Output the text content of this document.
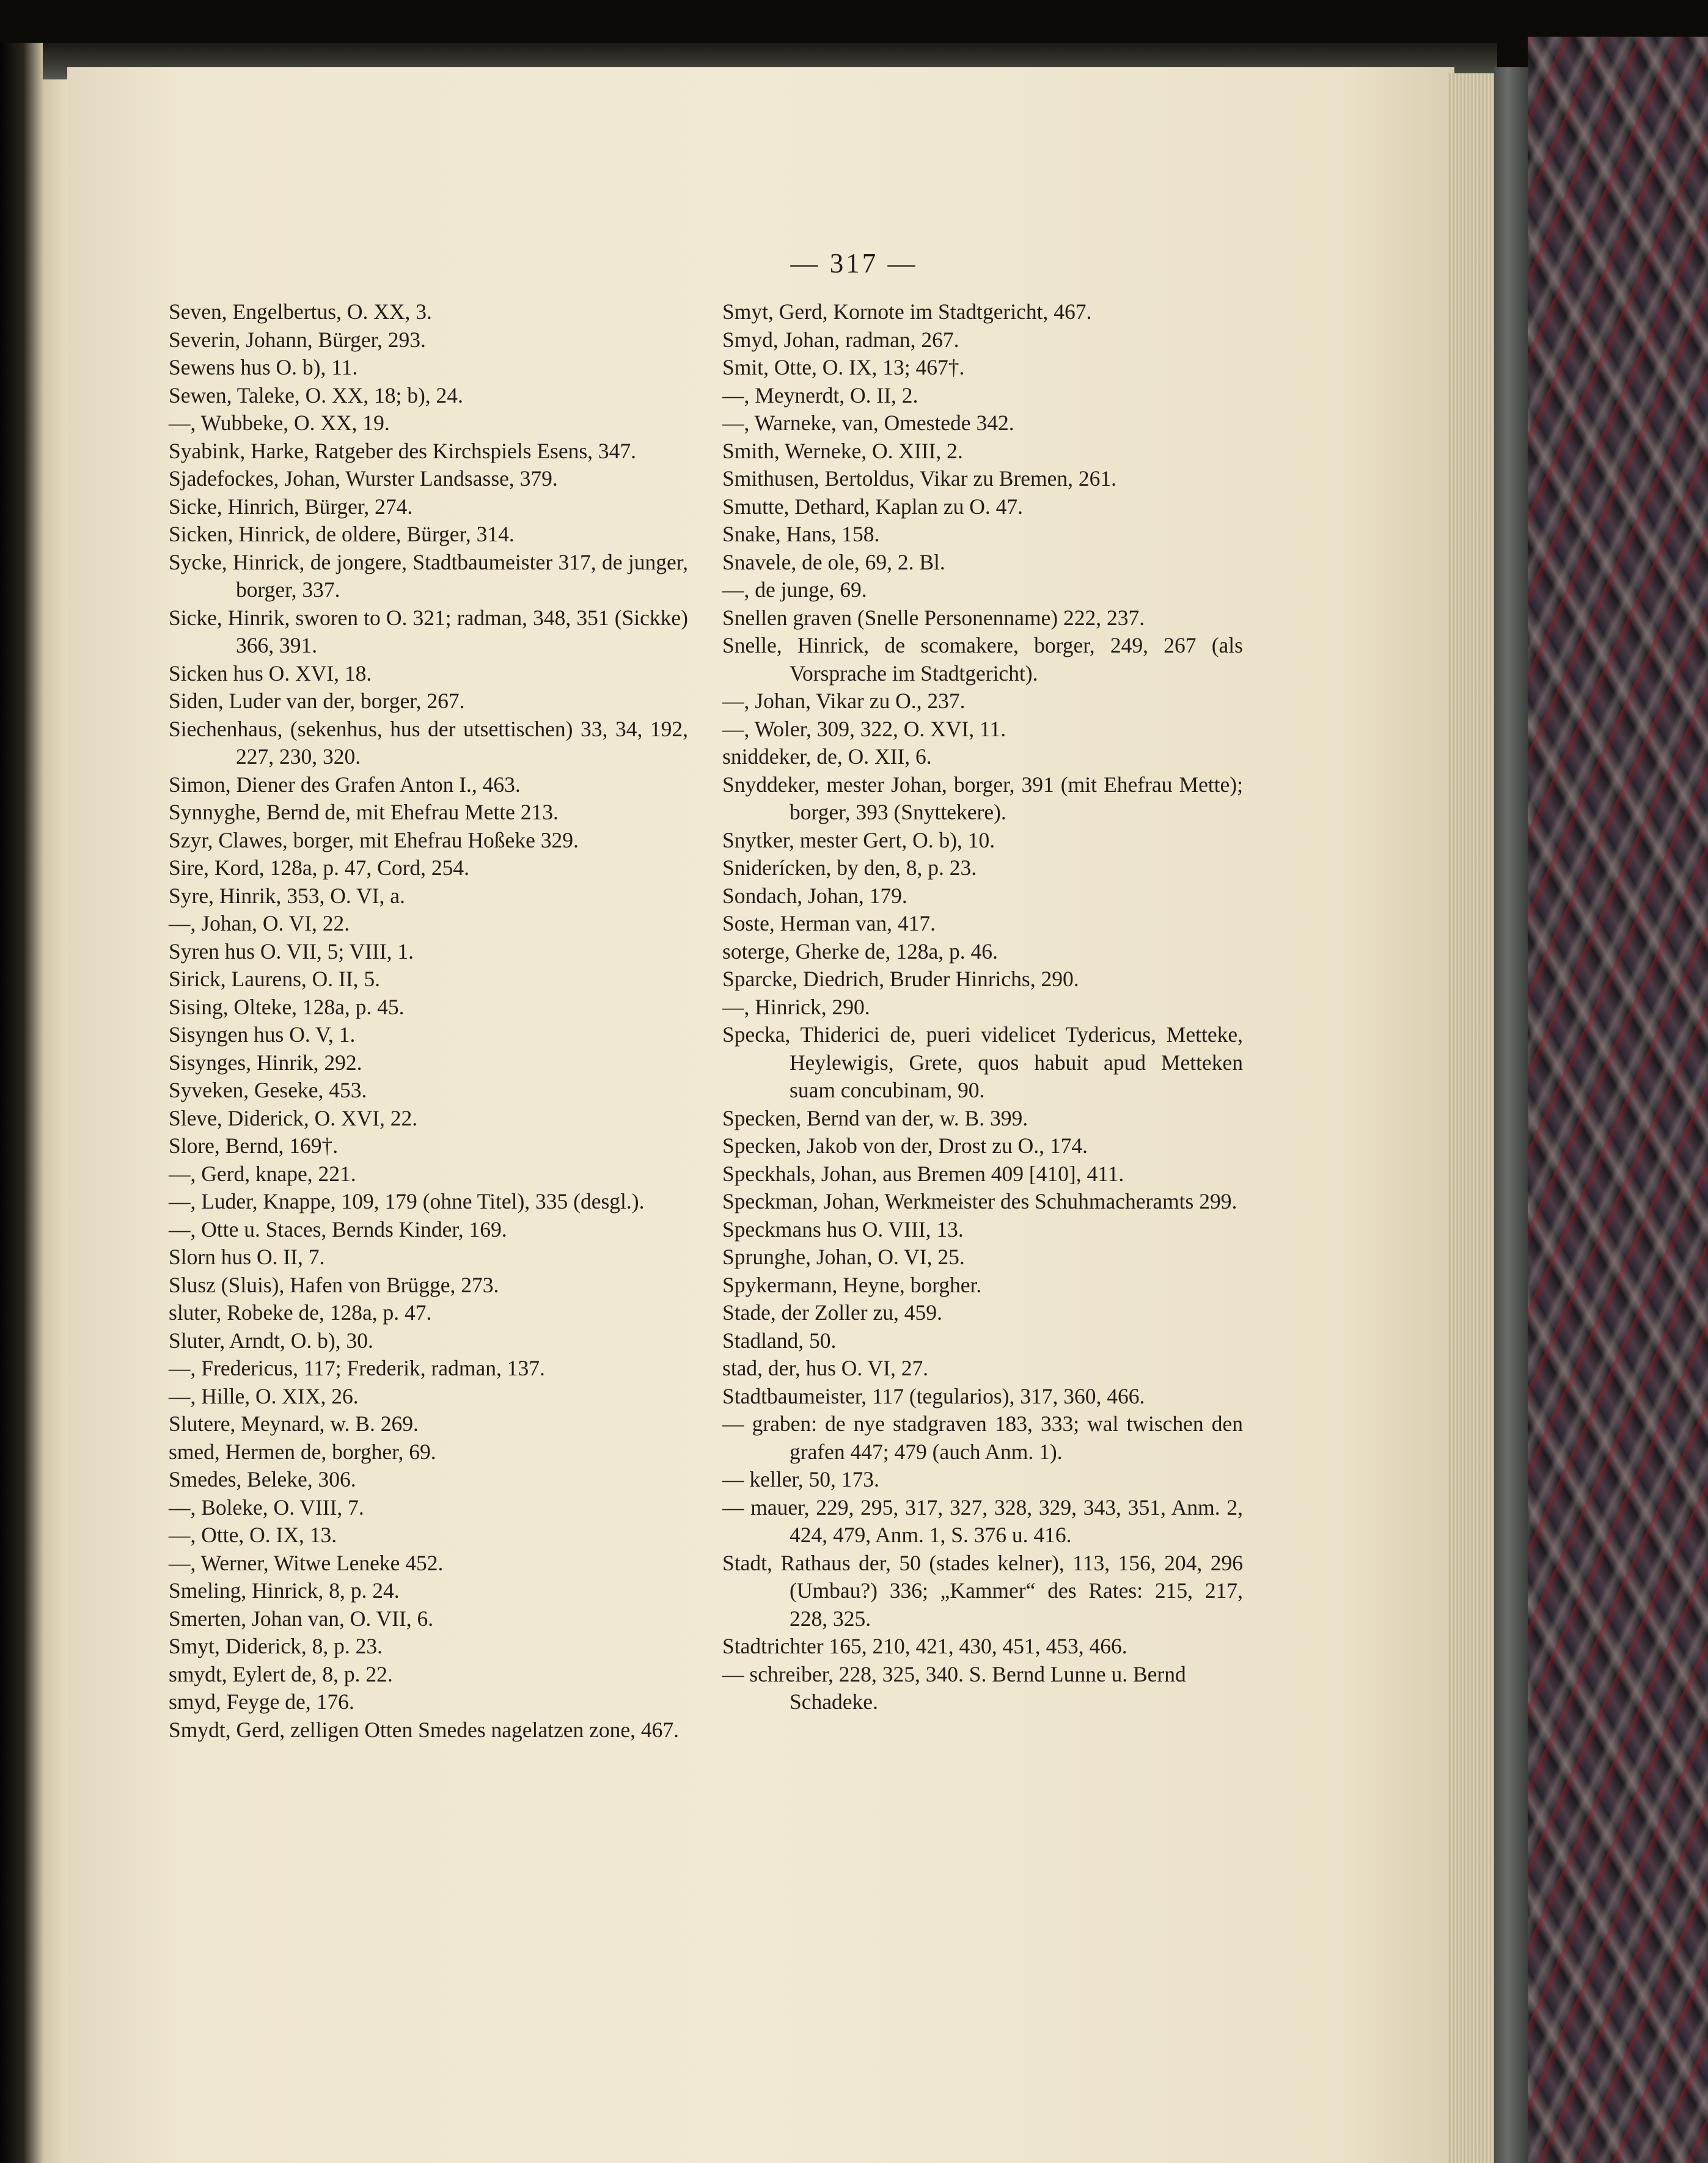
— 317 —
Seven, Engelbertus, O. XX, 3.
Severin, Johann, Bürger, 293.
Sewens hus O. b), 11.
Sewen, Taleke, O. XX, 18; b), 24.
—, Wubbeke, O. XX, 19.
Syabink, Harke, Ratgeber des Kirchspiels Esens, 347.
Sjadefockes, Johan, Wurster Landsasse, 379.
Sicke, Hinrich, Bürger, 274.
Sicken, Hinrick, de oldere, Bürger, 314.
Sycke, Hinrick, de jongere, Stadtbaumeister 317, de junger, borger, 337.
Sicke, Hinrik, sworen to O. 321; radman, 348, 351 (Sickke) 366, 391.
Sicken hus O. XVI, 18.
Siden, Luder van der, borger, 267.
Siechenhaus, (sekenhus, hus der utsettischen) 33, 34, 192, 227, 230, 320.
Simon, Diener des Grafen Anton I., 463.
Synnyghe, Bernd de, mit Ehefrau Mette 213.
Szyr, Clawes, borger, mit Ehefrau Hoßeke 329.
Sire, Kord, 128a, p. 47, Cord, 254.
Syre, Hinrik, 353, O. VI, a.
—, Johan, O. VI, 22.
Syren hus O. VII, 5; VIII, 1.
Sirick, Laurens, O. II, 5.
Sising, Olteke, 128a, p. 45.
Sisyngen hus O. V, 1.
Sisynges, Hinrik, 292.
Syveken, Geseke, 453.
Sleve, Diderick, O. XVI, 22.
Slore, Bernd, 169†.
—, Gerd, knape, 221.
—, Luder, Knappe, 109, 179 (ohne Titel), 335 (desgl.).
—, Otte u. Staces, Bernds Kinder, 169.
Slorn hus O. II, 7.
Slusz (Sluis), Hafen von Brügge, 273.
sluter, Robeke de, 128a, p. 47.
Sluter, Arndt, O. b), 30.
—, Fredericus, 117; Frederik, radman, 137.
—, Hille, O. XIX, 26.
Slutere, Meynard, w. B. 269.
smed, Hermen de, borgher, 69.
Smedes, Beleke, 306.
—, Boleke, O. VIII, 7.
—, Otte, O. IX, 13.
—, Werner, Witwe Leneke 452.
Smeling, Hinrick, 8, p. 24.
Smerten, Johan van, O. VII, 6.
Smyt, Diderick, 8, p. 23.
smydt, Eylert de, 8, p. 22.
smyd, Feyge de, 176.
Smydt, Gerd, zelligen Otten Smedes nagelatzen zone, 467.
Smyt, Gerd, Kornote im Stadtgericht, 467.
Smyd, Johan, radman, 267.
Smit, Otte, O. IX, 13; 467†.
—, Meynerdt, O. II, 2.
—, Warneke, van, Omestede 342.
Smith, Werneke, O. XIII, 2.
Smithusen, Bertoldus, Vikar zu Bremen, 261.
Smutte, Dethard, Kaplan zu O. 47.
Snake, Hans, 158.
Snavele, de ole, 69, 2. Bl.
—, de junge, 69.
Snellen graven (Snelle Personenname) 222, 237.
Snelle, Hinrick, de scomakere, borger, 249, 267 (als Vorsprache im Stadtgericht).
—, Johan, Vikar zu O., 237.
—, Woler, 309, 322, O. XVI, 11.
sniddeker, de, O. XII, 6.
Snyddeker, mester Johan, borger, 391 (mit Ehefrau Mette); borger, 393 (Snyttekere).
Snytker, mester Gert, O. b), 10.
Sniderícken, by den, 8, p. 23.
Sondach, Johan, 179.
Soste, Herman van, 417.
soterge, Gherke de, 128a, p. 46.
Sparcke, Diedrich, Bruder Hinrichs, 290.
—, Hinrick, 290.
Specka, Thiderici de, pueri videlicet Tydericus, Metteke, Heylewigis, Grete, quos habuit apud Metteken suam concubinam, 90.
Specken, Bernd van der, w. B. 399.
Specken, Jakob von der, Drost zu O., 174.
Speckhals, Johan, aus Bremen 409 [410], 411.
Speckman, Johan, Werkmeister des Schuhmacheramts 299.
Speckmans hus O. VIII, 13.
Sprunghe, Johan, O. VI, 25.
Spykermann, Heyne, borgher.
Stade, der Zoller zu, 459.
Stadland, 50.
stad, der, hus O. VI, 27.
Stadtbaumeister, 117 (tegularios), 317, 360, 466.
— graben: de nye stadgraven 183, 333; wal twischen den grafen 447; 479 (auch Anm. 1).
— keller, 50, 173.
— mauer, 229, 295, 317, 327, 328, 329, 343, 351, Anm. 2, 424, 479, Anm. 1, S. 376 u. 416.
Stadt, Rathaus der, 50 (stades kelner), 113, 156, 204, 296 (Umbau?) 336; „Kammer“ des Rates: 215, 217, 228, 325.
Stadtrichter 165, 210, 421, 430, 451, 453, 466.
— schreiber, 228, 325, 340. S. Bernd Lunne u. Bernd Schadeke.
